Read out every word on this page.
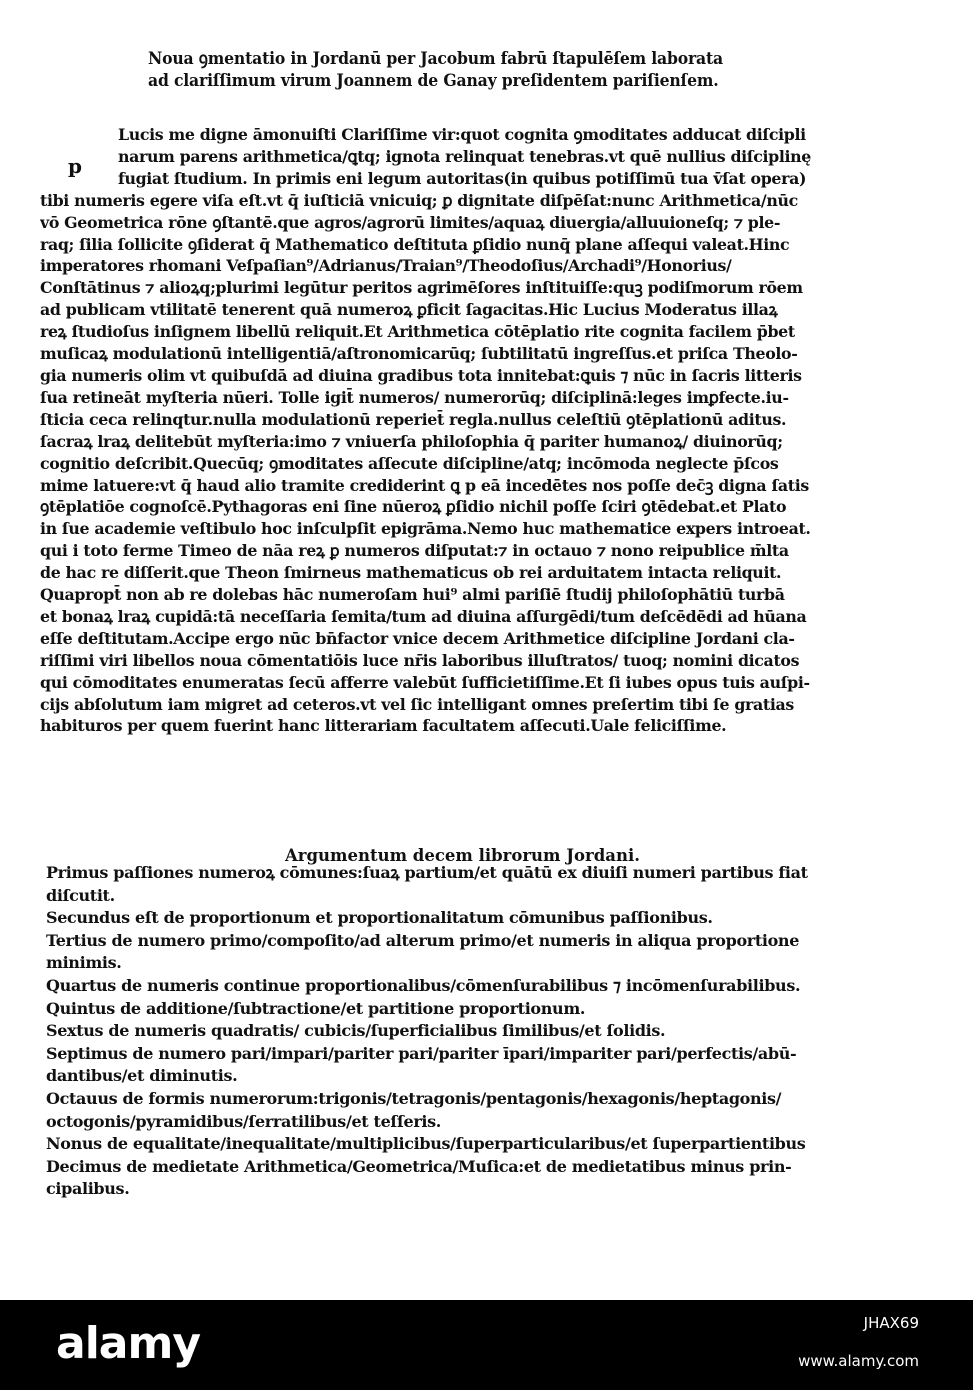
Noua ꝯmentatio in Jordanū per Jacobum fabrū ſtapulēſem laborata
ad clariſſimum virum Joannem de Ganay preſidentem pariſienſem.
p
Lucis me digne āmonuiſti Clariſſime vir:quot cognita ꝯmoditates adducat diſcipli
narum parens arithmetica/ꝗtq; ignota relinquat tenebras.vt quē nullius diſciplinę
fugiat ſtudium. In primis eni legum autoritas(in quibus potiſſimū tua v̄ſat opera)
tibi numeris egere viſa eſt.vt q̄ iuſticiā vnicuiq; ꝑ dignitate diſpēſat:nunc Arithmetica/nūc
vō Geometrica rōne ꝯſtantē.que agros/agrorū limites/aquaꝝ diuergia/alluuioneſq; ⁊ ple-
raq; ſilia ſollicite ꝯſiderat q̄ Mathematico deſtituta ꝑſidio nunq̄ plane aſſequi valeat.Hinc
imperatores rhomani Veſpaſian⁹/Adrianus/Traian⁹/Theodoſius/Archadi⁹/Honorius/
Conſtātinus ⁊ alioꝝq;plurimi legūtur peritos agrimēſores inſtituiſſe:quꝫ podiſmorum rōem
ad publicam vtilitatē tenerent quā numeroꝝ ꝑficit ſagacitas.Hic Lucius Moderatus illaꝝ
reꝝ ſtudioſus inſignem libellū reliquit.Et Arithmetica cōtēplatio rite cognita facilem p̄bet
muſicaꝝ modulationū intelligentiā/aſtronomicarūq; ſubtilitatū ingreſſus.et priſca Theolo-
gia numeris olim vt quibuſdā ad diuina gradibus tota innitebat:ꝗuis ⁊ nūc in ſacris litteris
ſua retineāt myſteria nūeri. Tolle igit̄ numeros/ numerorūq; diſciplinā:leges imꝑfecte.iu-
ſticia ceca relinqtur.nulla modulationū reperiet̄ regla.nullus celeſtiū ꝯtēplationū aditus.
ſacraꝝ lraꝝ delitebūt myſteria:imo ⁊ vniuerſa philoſophia q̄ pariter humanoꝝ/ diuinorūq;
cognitio deſcribit.Quecūq; ꝯmoditates aſſecute diſcipline/atq; incōmoda neglecte p̄ſcos
mime latuere:vt q̄ haud alio tramite crediderint ꝗ p eā incedētes nos poſſe dec̄ꝫ digna ſatis
ꝯtēplatiōe cognoſcē.Pythagoras eni ſine nūeroꝝ ꝑſidio nichil poſſe ſciri ꝯtēdebat.et Plato
in ſue academie veſtibulo hoc inſculpſit epigrāma.Nemo huc mathematice expers introeat.
qui i toto ferme Timeo de nāa reꝝ ꝑ numeros diſputat:⁊ in octauo ⁊ nono reipublice m̄lta
de hac re diſſerit.que Theon ſmirneus mathematicus ob rei arduitatem intacta reliquit.
Quapropt̄ non ab re dolebas hāc numeroſam hui⁹ almi pariſiē ſtudij philoſophātiū turbā
et bonaꝝ lraꝝ cupidā:tā neceſſaria ſemita/tum ad diuina aſſurgēdi/tum deſcēdēdi ad hūana
eſſe deſtitutam.Accipe ergo nūc bn̄factor vnice decem Arithmetice diſcipline Jordani cla-
riſſimi viri libellos noua cōmentatiōis luce nr̄is laboribus illuſtratos/ tuoq; nomini dicatos
qui cōmoditates enumeratas ſecū afferre valebūt ſufficietiſſime.Et ſi iubes opus tuis auſpi-
cijs abſolutum iam migret ad ceteros.vt vel ſic intelligant omnes preſertim tibi ſe gratias
habituros per quem fuerint hanc litterariam facultatem aſſecuti.Uale feliciſſime.
Argumentum decem librorum Jordani.
Primus paſſiones numeroꝝ cōmunes:ſuaꝝ partium/et quātū ex diuiſi numeri partibus fiat
diſcutit.
Secundus eſt de proportionum et proportionalitatum cōmunibus paſſionibus.
Tertius de numero primo/compoſito/ad alterum primo/et numeris in aliqua proportione
minimis.
Quartus de numeris continue proportionalibus/cōmenſurabilibus ⁊ incōmenſurabilibus.
Quintus de additione/ſubtractione/et partitione proportionum.
Sextus de numeris quadratis/ cubicis/ſuperficialibus ſimilibus/et ſolidis.
Septimus de numero pari/impari/pariter pari/pariter īpari/impariter pari/perfectis/abū-
dantibus/et diminutis.
Octauus de formis numerorum:trigonis/tetragonis/pentagonis/hexagonis/heptagonis/
octogonis/pyramidibus/ſerratilibus/et teſſeris.
Nonus de equalitate/inequalitate/multiplicibus/ſuperparticularibus/et ſuperpartientibus
Decimus de medietate Arithmetica/Geometrica/Muſica:et de medietatibus minus prin-
cipalibus.
alamy	JHAX69
www.alamy.com
